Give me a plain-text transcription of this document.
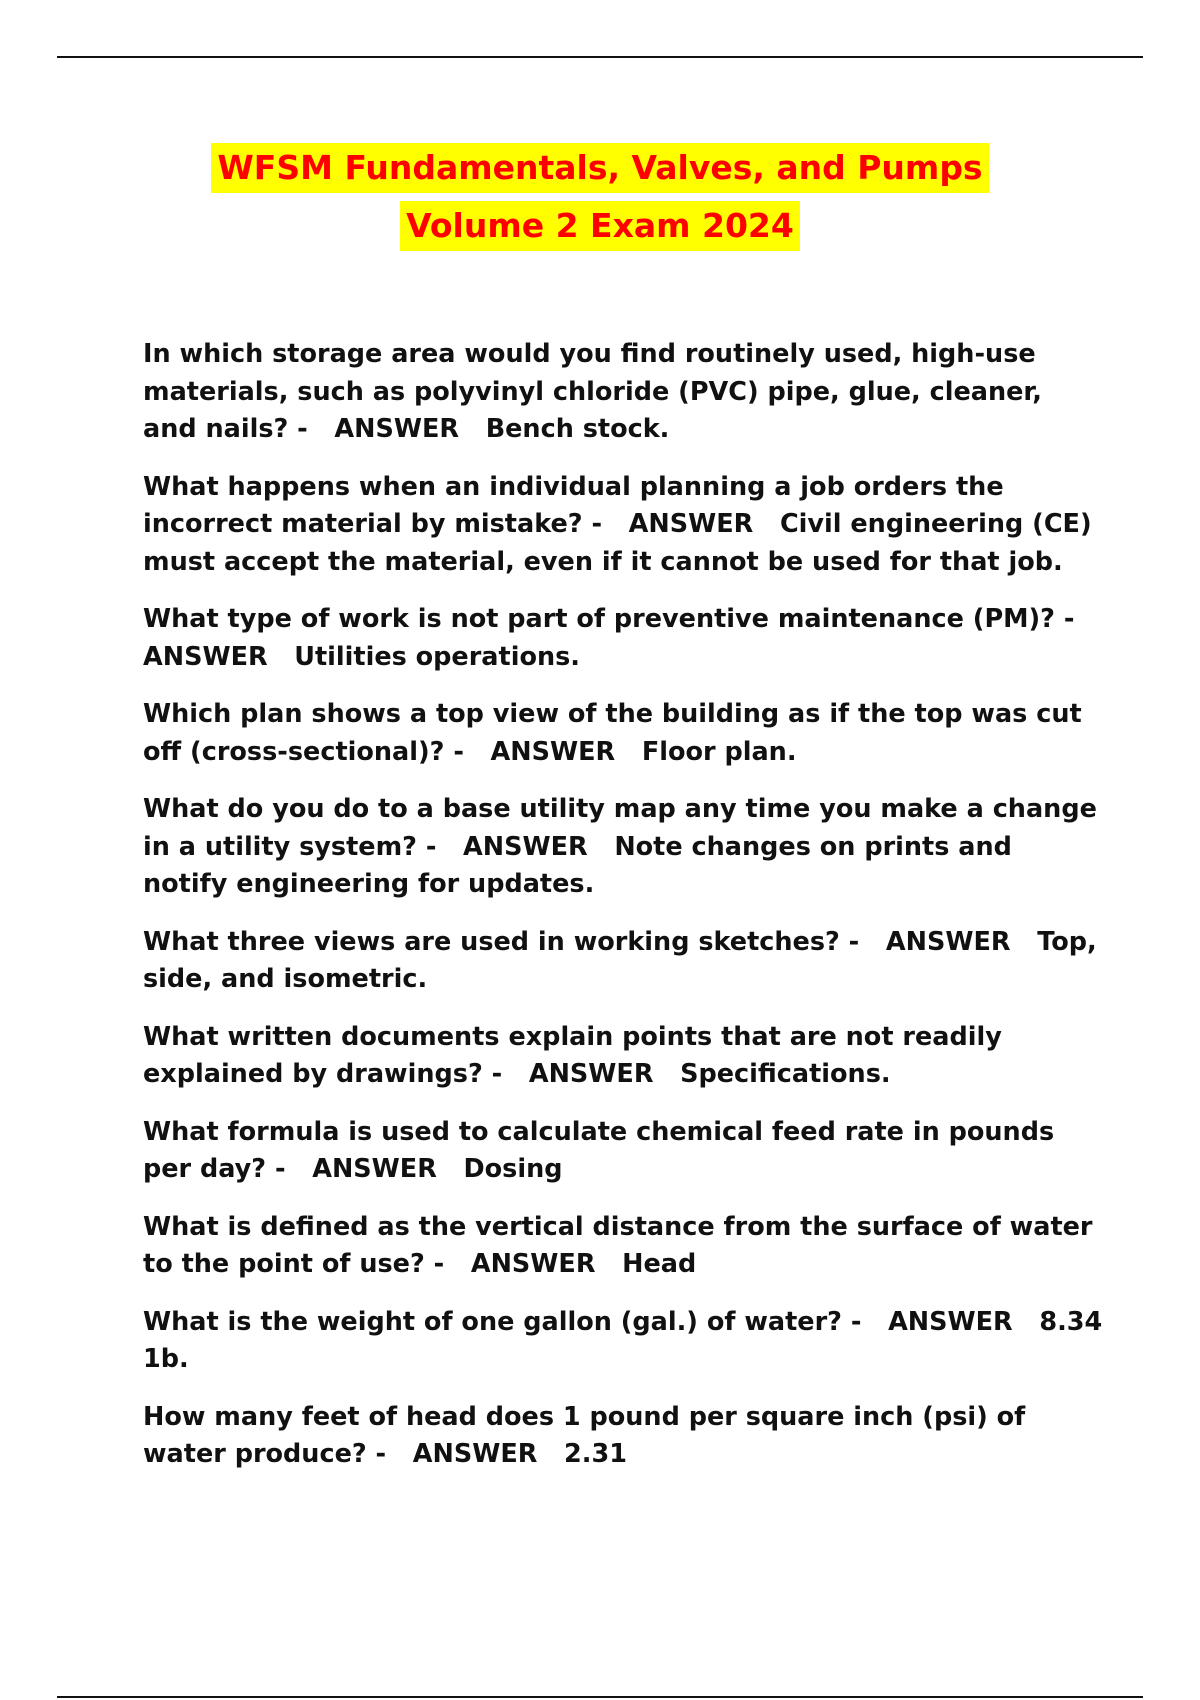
WFSM Fundamentals, Valves, and Pumps
Volume 2 Exam 2024

In which storage area would you find routinely used, high-use materials, such as polyvinyl chloride (PVC) pipe, glue, cleaner, and nails? - ANSWER Bench stock.

What happens when an individual planning a job orders the incorrect material by mistake? - ANSWER Civil engineering (CE) must accept the material, even if it cannot be used for that job.

What type of work is not part of preventive maintenance (PM)? -   ANSWER Utilities operations.

Which plan shows a top view of the building as if the top was cut off (cross-sectional)? - ANSWER Floor plan.

What do you do to a base utility map any time you make a change in a utility system? - ANSWER Note changes on prints and notify engineering for updates.

What three views are used in working sketches? - ANSWER Top, side, and isometric.

What written documents explain points that are not readily explained by drawings? - ANSWER Specifications.

What formula is used to calculate chemical feed rate in pounds per day? - ANSWER Dosing

What is defined as the vertical distance from the surface of water to the point of use? - ANSWER Head

What is the weight of one gallon (gal.) of water? - ANSWER 8.34 1b.

How many feet of head does 1 pound per square inch (psi) of water produce? - ANSWER 2.31
